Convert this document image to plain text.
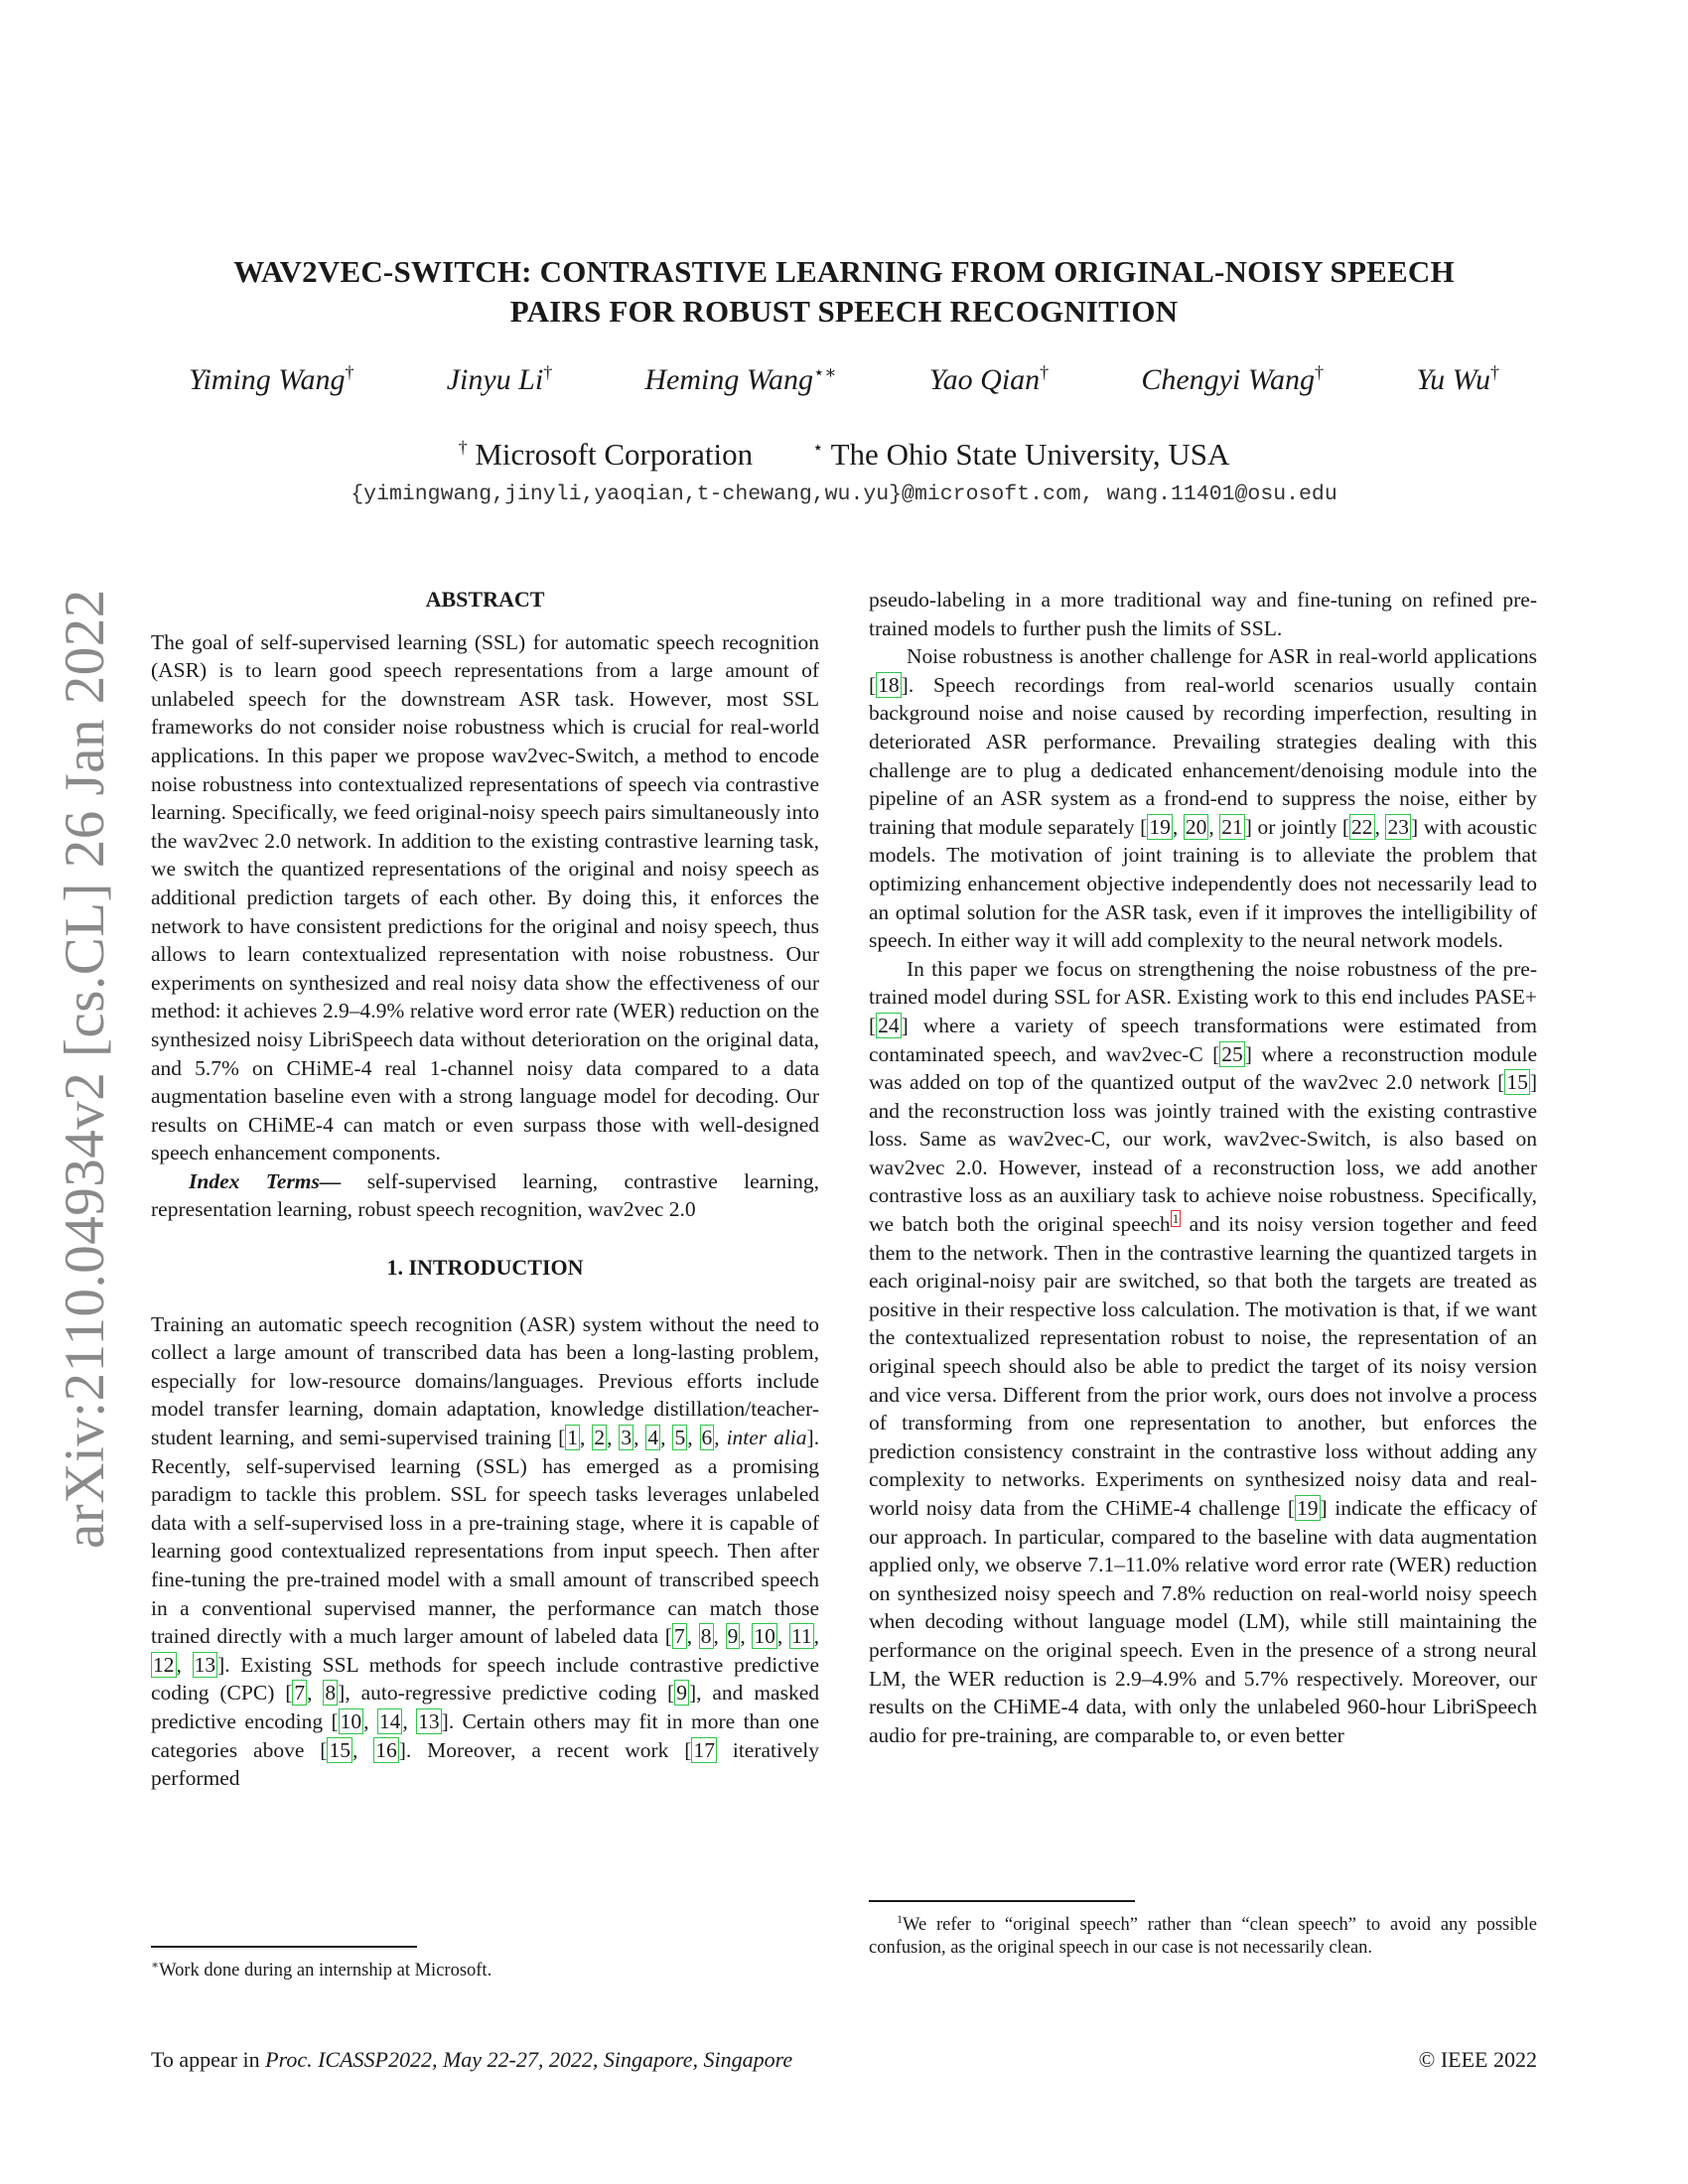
arXiv:2110.04934v2 [cs.CL] 26 Jan 2022
WAV2VEC-SWITCH: CONTRASTIVE LEARNING FROM ORIGINAL-NOISY SPEECH
PAIRS FOR ROBUST SPEECH RECOGNITION
Yiming Wang†	Jinyu Li†	Heming Wang⋆∗	Yao Qian†	Chengyi Wang†	Yu Wu†
† Microsoft Corporation	⋆ The Ohio State University, USA
{yimingwang,jinyli,yaoqian,t-chewang,wu.yu}@microsoft.com, wang.11401@osu.edu
ABSTRACT

The goal of self-supervised learning (SSL) for automatic speech recognition (ASR) is to learn good speech representations from a large amount of unlabeled speech for the downstream ASR task. However, most SSL frameworks do not consider noise robustness which is crucial for real-world applications. In this paper we propose wav2vec-Switch, a method to encode noise robustness into contextualized representations of speech via contrastive learning. Specifically, we feed original-noisy speech pairs simultaneously into the wav2vec 2.0 network. In addition to the existing contrastive learning task, we switch the quantized representations of the original and noisy speech as additional prediction targets of each other. By doing this, it enforces the network to have consistent predictions for the original and noisy speech, thus allows to learn contextualized representation with noise robustness. Our experiments on synthesized and real noisy data show the effectiveness of our method: it achieves 2.9–4.9% relative word error rate (WER) reduction on the synthesized noisy LibriSpeech data without deterioration on the original data, and 5.7% on CHiME-4 real 1-channel noisy data compared to a data augmentation baseline even with a strong language model for decoding. Our results on CHiME-4 can match or even surpass those with well-designed speech enhancement components.

Index Terms— self-supervised learning, contrastive learning, representation learning, robust speech recognition, wav2vec 2.0

1. INTRODUCTION

Training an automatic speech recognition (ASR) system without the need to collect a large amount of transcribed data has been a long-lasting problem, especially for low-resource domains/languages. Previous efforts include model transfer learning, domain adaptation, knowledge distillation/teacher-student learning, and semi-supervised training [1, 2, 3, 4, 5, 6, inter alia]. Recently, self-supervised learning (SSL) has emerged as a promising paradigm to tackle this problem. SSL for speech tasks leverages unlabeled data with a self-supervised loss in a pre-training stage, where it is capable of learning good contextualized representations from input speech. Then after fine-tuning the pre-trained model with a small amount of transcribed speech in a conventional supervised manner, the performance can match those trained directly with a much larger amount of labeled data [7, 8, 9, 10, 11, 12, 13]. Existing SSL methods for speech include contrastive predictive coding (CPC) [7, 8], auto-regressive predictive coding [9], and masked predictive encoding [10, 14, 13]. Certain others may fit in more than one categories above [15, 16]. Moreover, a recent work [17 iteratively performed

pseudo-labeling in a more traditional way and fine-tuning on refined pre-trained models to further push the limits of SSL.

Noise robustness is another challenge for ASR in real-world applications [18]. Speech recordings from real-world scenarios usually contain background noise and noise caused by recording imperfection, resulting in deteriorated ASR performance. Prevailing strategies dealing with this challenge are to plug a dedicated enhancement/denoising module into the pipeline of an ASR system as a frond-end to suppress the noise, either by training that module separately [19, 20, 21] or jointly [22, 23] with acoustic models. The motivation of joint training is to alleviate the problem that optimizing enhancement objective independently does not necessarily lead to an optimal solution for the ASR task, even if it improves the intelligibility of speech. In either way it will add complexity to the neural network models.

In this paper we focus on strengthening the noise robustness of the pre-trained model during SSL for ASR. Existing work to this end includes PASE+ [24] where a variety of speech transformations were estimated from contaminated speech, and wav2vec-C [25] where a reconstruction module was added on top of the quantized output of the wav2vec 2.0 network [15] and the reconstruction loss was jointly trained with the existing contrastive loss. Same as wav2vec-C, our work, wav2vec-Switch, is also based on wav2vec 2.0. However, instead of a reconstruction loss, we add another contrastive loss as an auxiliary task to achieve noise robustness. Specifically, we batch both the original speech $^1$ and its noisy version together and feed them to the network. Then in the contrastive learning the quantized targets in each original-noisy pair are switched, so that both the targets are treated as positive in their respective loss calculation. The motivation is that, if we want the contextualized representation robust to noise, the representation of an original speech should also be able to predict the target of its noisy version and vice versa. Different from the prior work, ours does not involve a process of transforming from one representation to another, but enforces the prediction consistency constraint in the contrastive loss without adding any complexity to networks. Experiments on synthesized noisy data and real-world noisy data from the CHiME-4 challenge [19] indicate the efficacy of our approach. In particular, compared to the baseline with data augmentation applied only, we observe 7.1–11.0% relative word error rate (WER) reduction on synthesized noisy speech and 7.8% reduction on real-world noisy speech when decoding without language model (LM), while still maintaining the performance on the original speech. Even in the presence of a strong neural LM, the WER reduction is 2.9–4.9% and 5.7% respectively. Moreover, our results on the CHiME-4 data, with only the unlabeled 960-hour LibriSpeech audio for pre-training, are comparable to, or even better

∗Work done during an internship at Microsoft.
$^1$We refer to “original speech” rather than “clean speech” to avoid any possible confusion, as the original speech in our case is not necessarily clean.
To appear in Proc. ICASSP2022, May 22-27, 2022, Singapore, Singapore	© IEEE 2022
